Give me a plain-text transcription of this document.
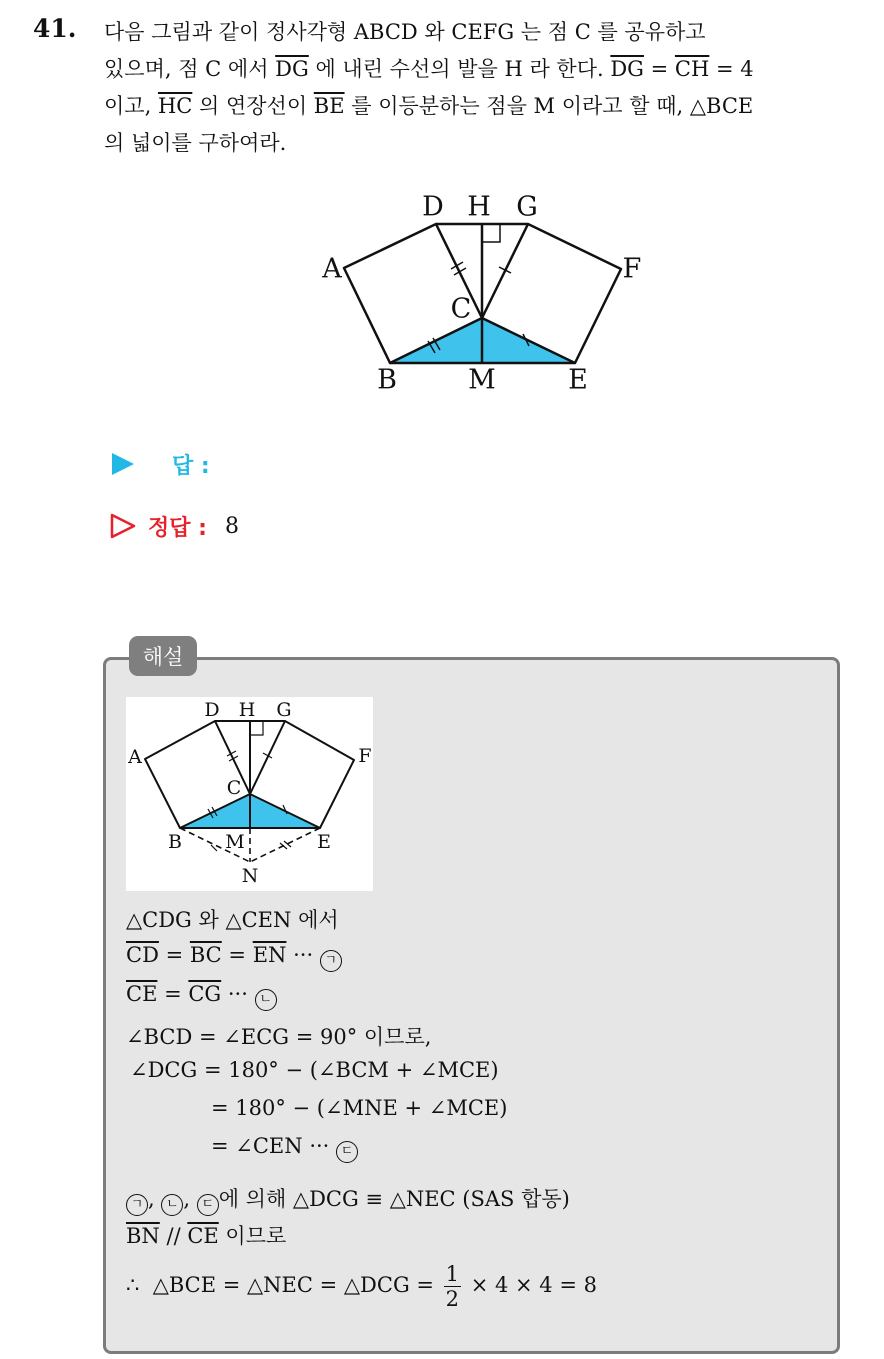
41. 다음 그림과 같이 정사각형 ABCD 와 CEFG 는 점 C 를 공유하고

있으며, 점 C 에서 $\overline{DG}$ 에 내린 수선의 발을 H 라 한다. $\overline{DG} = \overline{CH} = 4$

이고, $\overline{HC}$ 의 연장선이 $\overline{BE}$ 를 이등분하는 점을 M 이라고 할 때, △BCE

의 넓이를 구하여라.

A
B
C
D
E
F
G
H
M
답 :
정답 : 8
해설
A
B
C
D
E
F
G
H
M
N
△CDG 와 △CEN 에서
$\overline{CD} = \overline{BC} = \overline{EN}$ ··· ㄱ
$\overline{CE} = \overline{CG}$ ··· ㄴ
∠BCD = ∠ECG = 90° 이므로,
∠DCG = 180° − (∠BCM + ∠MCE)
= 180° − (∠MNE + ∠MCE)
= ∠CEN ··· ㄷ
ㄱ , ㄴ , ㄷ 에 의해 △DCG ≡ △NEC (SAS 합동)
$\overline{BN} // \overline{CE}$ 이므로
∴  △BCE = △NEC = △DCG = $\frac{1}{2} \times 4 \times 4 = 8$
